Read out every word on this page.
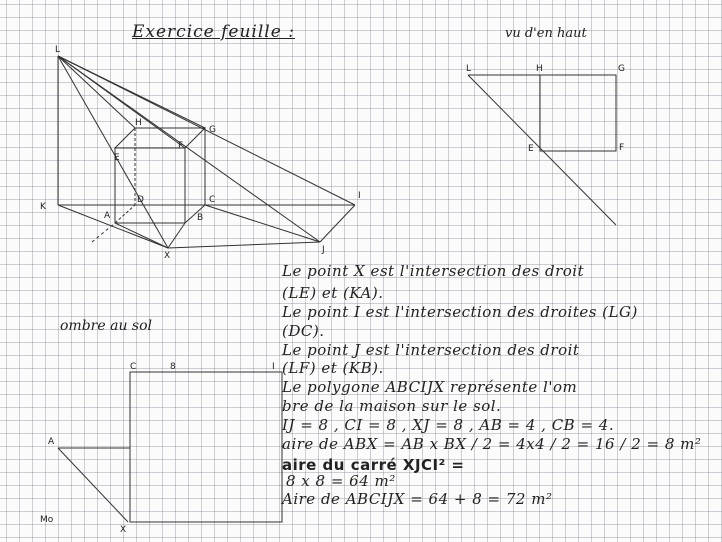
Exercice feuille :	vu d'en haut
ombre au sol
L
K
H
G
E
F
D	C
A	B
X
I
J
L	H	G
E	F
C	8	I
A
X
Mo
Le point X est l'intersection des droit
(LE) et (KA).
Le point I est l'intersection des droites (LG)
(DC).
Le point J est l'intersection des droit
(LF) et (KB).
Le polygone ABCIJX représente l'om
bre de la maison sur le sol.
IJ = 8 , CI = 8 , XJ = 8 , AB = 4 , CB = 4.
aire de ABX = AB x BX / 2 = 4x4 / 2 = 16 / 2 = 8 m²
aire du carré XJCI² =
8 x 8 = 64 m²
Aire de ABCIJX = 64 + 8 = 72 m²
